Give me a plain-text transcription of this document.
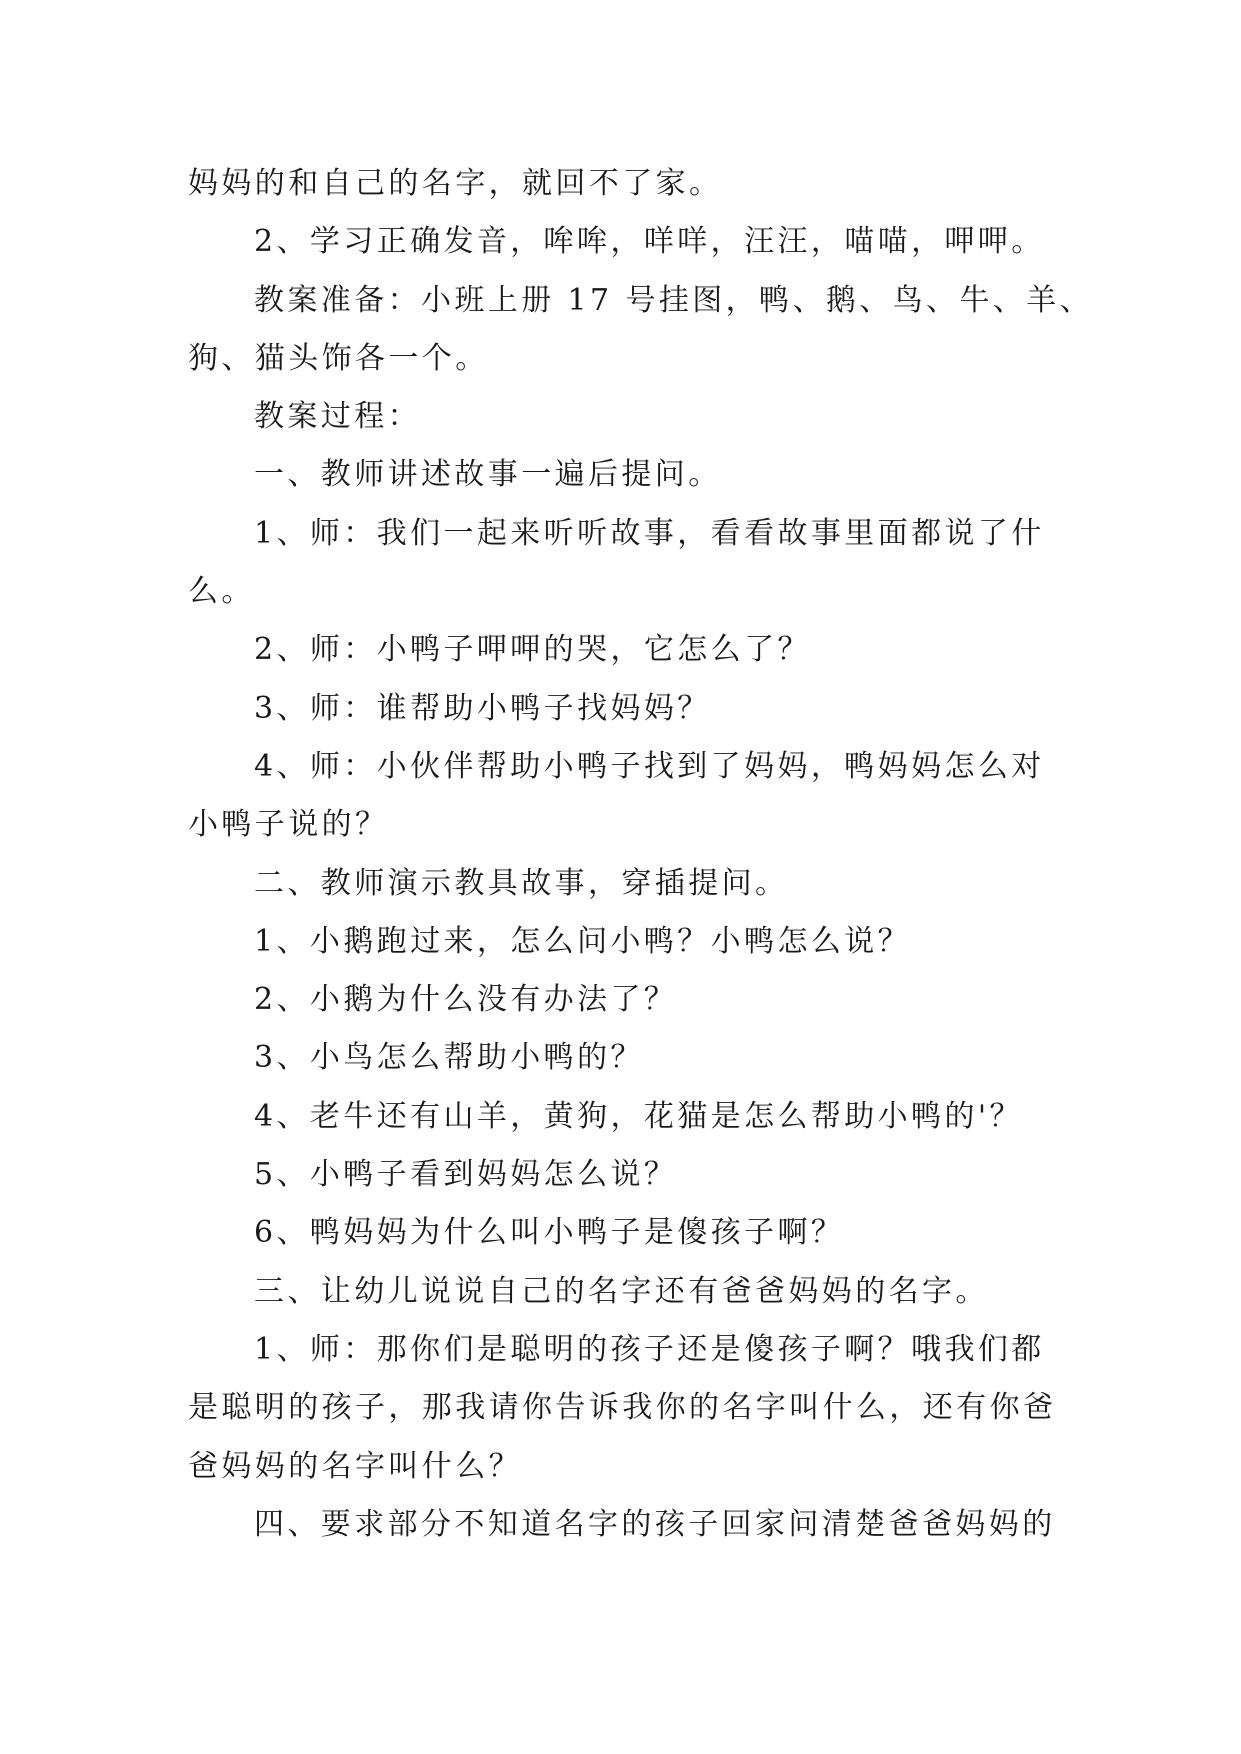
妈妈的和自己的名字，就回不了家。
2、学习正确发音，哞哞，咩咩，汪汪，喵喵，呷呷。
教案准备：小班上册 17 号挂图，鸭、鹅、鸟、牛、羊、
狗、猫头饰各一个。
教案过程：
一、教师讲述故事一遍后提问。
1、师：我们一起来听听故事，看看故事里面都说了什
么。
2、师：小鸭子呷呷的哭，它怎么了？
3、师：谁帮助小鸭子找妈妈？
4、师：小伙伴帮助小鸭子找到了妈妈，鸭妈妈怎么对
小鸭子说的？
二、教师演示教具故事，穿插提问。
1、小鹅跑过来，怎么问小鸭？小鸭怎么说？
2、小鹅为什么没有办法了？
3、小鸟怎么帮助小鸭的？
4、老牛还有山羊，黄狗，花猫是怎么帮助小鸭的'？
5、小鸭子看到妈妈怎么说？
6、鸭妈妈为什么叫小鸭子是傻孩子啊？
三、让幼儿说说自己的名字还有爸爸妈妈的名字。
1、师：那你们是聪明的孩子还是傻孩子啊？哦我们都
是聪明的孩子，那我请你告诉我你的名字叫什么，还有你爸
爸妈妈的名字叫什么？
四、要求部分不知道名字的孩子回家问清楚爸爸妈妈的
